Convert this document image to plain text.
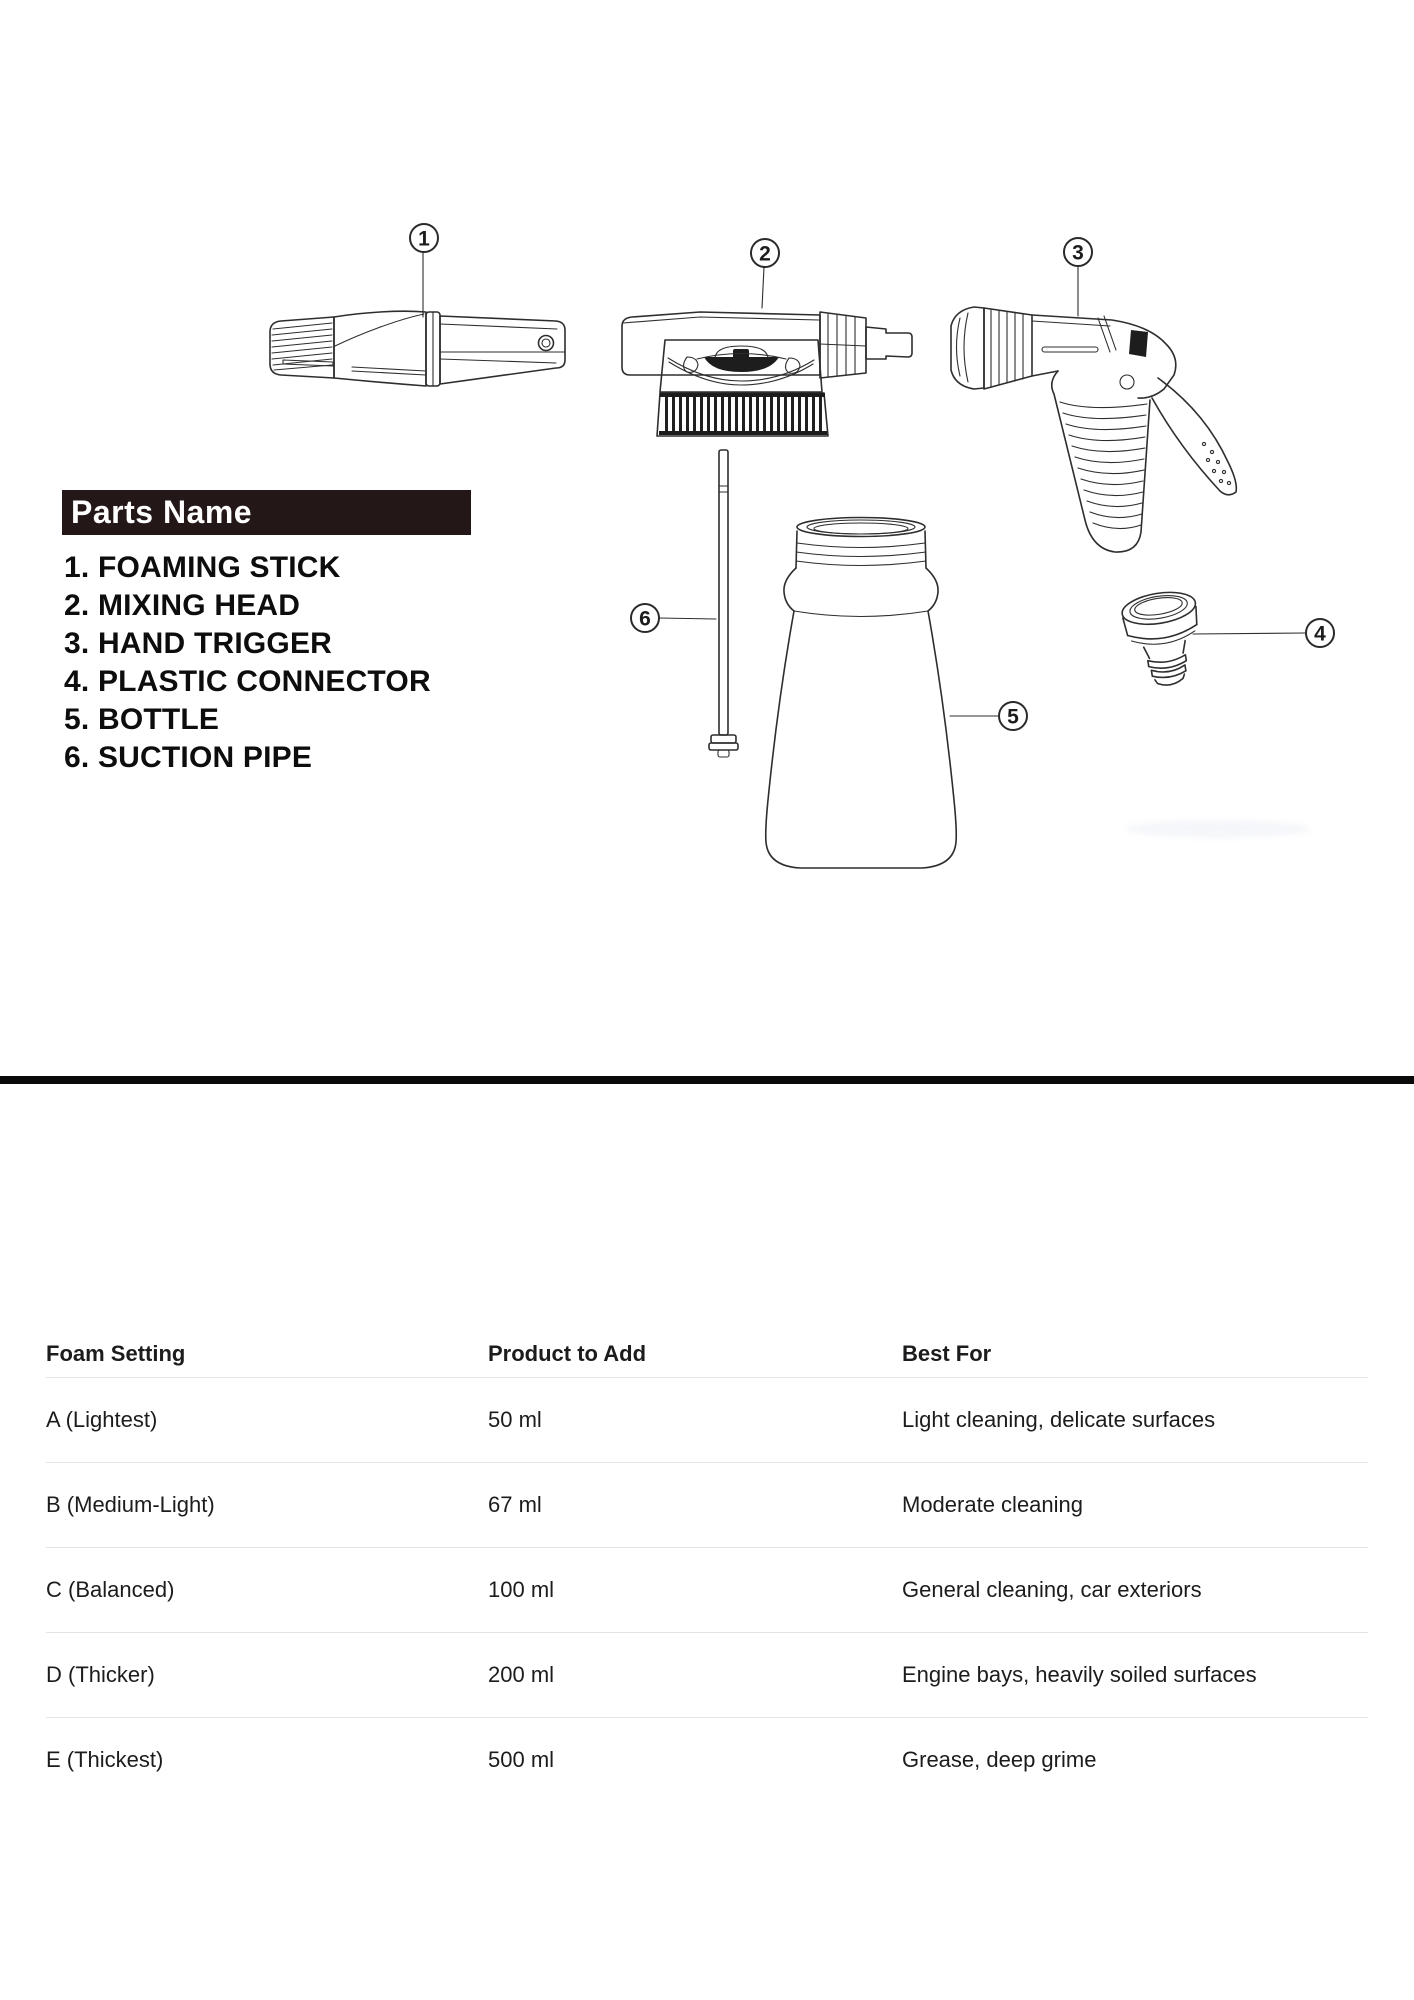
1
2	3
4
5
6
Parts Name
1. FOAMING STICK
2. MIXING HEAD
3. HAND TRIGGER
4. PLASTIC CONNECTOR
5. BOTTLE
6. SUCTION PIPE
Foam Setting	Product to Add	Best For
A (Lightest)	50 ml	Light cleaning, delicate surfaces
B (Medium-Light)	67 ml	Moderate cleaning
C (Balanced)	100 ml	General cleaning, car exteriors
D (Thicker)	200 ml	Engine bays, heavily soiled surfaces
E (Thickest)	500 ml	Grease, deep grime
